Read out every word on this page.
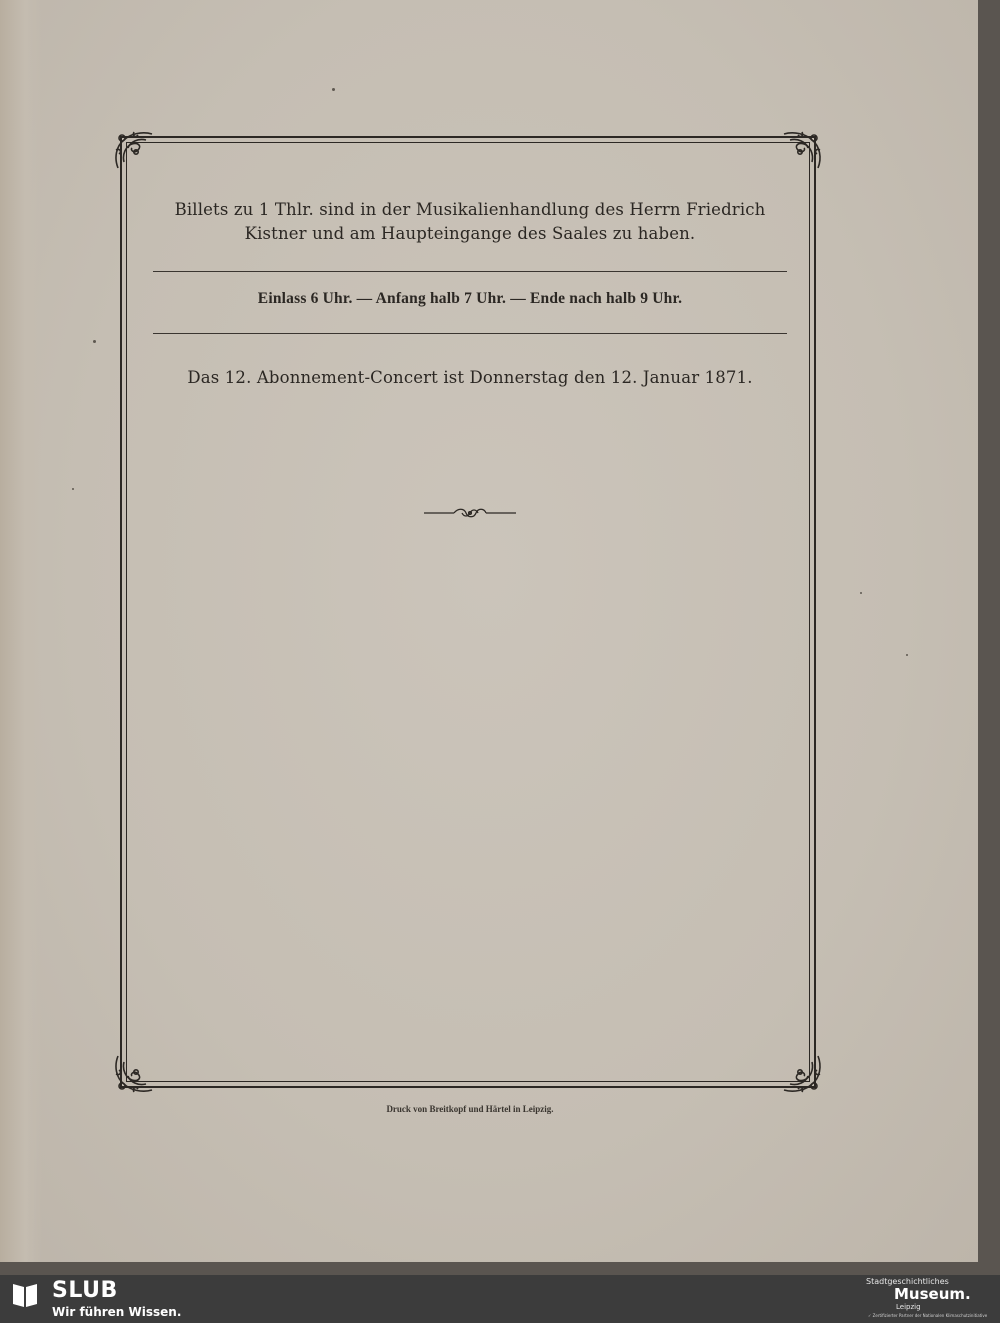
Billets zu 1 Thlr. sind in der Musikalienhandlung des Herrn Friedrich
Kistner und am Haupteingange des Saales zu haben.
Einlass 6 Uhr. — Anfang halb 7 Uhr. — Ende nach halb 9 Uhr.
Das 12. Abonnement-Concert ist Donnerstag den 12. Januar 1871.
Druck von Breitkopf und Härtel in Leipzig.
SLUB
Wir führen Wissen.
Stadtgeschichtliches
Museum.
Leipzig
✓ Zertifizierter Partner der Nationalen Klimaschutzinitiative
